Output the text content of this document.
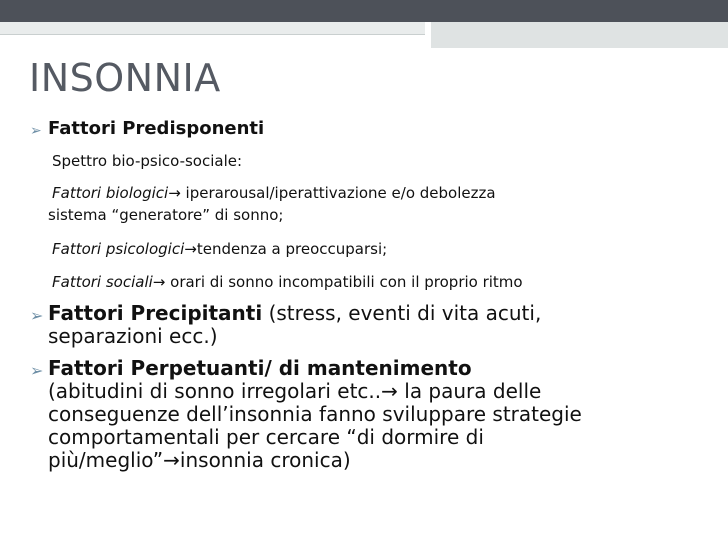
INSONNIA
➢ Fattori Predisponenti
Spettro bio-psico-sociale:
Fattori biologici→ iperarousal/iperattivazione e/o debolezza
sistema “generatore” di sonno;
Fattori psicologici→tendenza a preoccuparsi;
Fattori sociali→ orari di sonno incompatibili con il proprio ritmo
➢ Fattori Precipitanti (stress, eventi di vita acuti,
separazioni ecc.)
➢ Fattori Perpetuanti/ di mantenimento
(abitudini di sonno irregolari etc..→ la paura delle
conseguenze dell’insonnia fanno sviluppare strategie
comportamentali per cercare “di dormire di
più/meglio”→insonnia cronica)
